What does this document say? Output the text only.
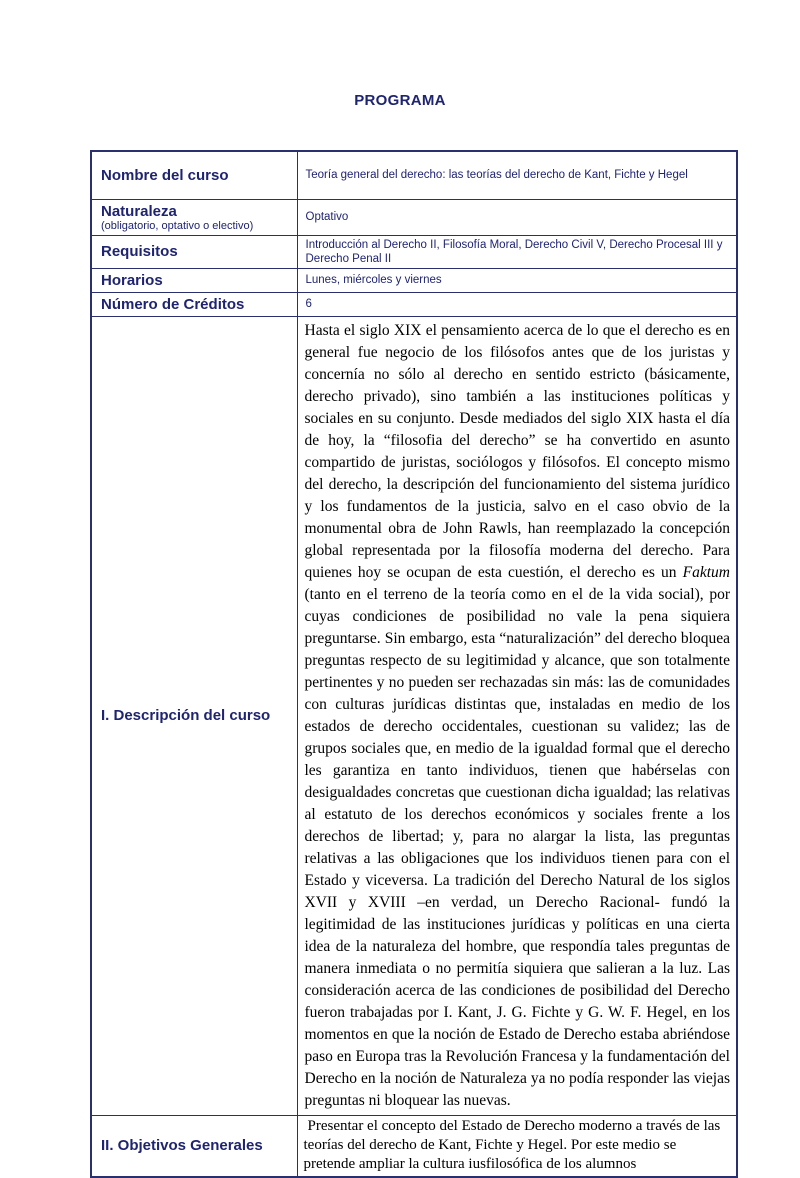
PROGRAMA
Nombre del curso	Teoría general del derecho: las teorías del derecho de Kant, Fichte y Hegel
Naturaleza
(obligatorio, optativo o electivo)	Optativo
Requisitos	Introducción al Derecho II, Filosofía Moral, Derecho Civil V, Derecho Procesal III y Derecho Penal II
Horarios	Lunes, miércoles y viernes
Número de Créditos	6
I. Descripción del curso	Hasta el siglo XIX el pensamiento acerca de lo que el derecho es en general fue negocio de los filósofos antes que de los juristas y concernía no sólo al derecho en sentido estricto (básicamente, derecho privado), sino también a las instituciones políticas y sociales en su conjunto. Desde mediados del siglo XIX hasta el día de hoy, la “filosofia del derecho” se ha convertido en asunto compartido de juristas, sociólogos y filósofos. El concepto mismo del derecho, la descripción del funcionamiento del sistema jurídico y los fundamentos de la justicia, salvo en el caso obvio de la monumental obra de John Rawls, han reemplazado la concepción global representada por la filosofía moderna del derecho. Para quienes hoy se ocupan de esta cuestión, el derecho es un Faktum (tanto en el terreno de la teoría como en el de la vida social), por cuyas condiciones de posibilidad no vale la pena siquiera preguntarse. Sin embargo, esta “naturalización” del derecho bloquea preguntas respecto de su legitimidad y alcance, que son totalmente pertinentes y no pueden ser rechazadas sin más: las de comunidades con culturas jurídicas distintas que, instaladas en medio de los estados de derecho occidentales, cuestionan su validez; las de grupos sociales que, en medio de la igualdad formal que el derecho les garantiza en tanto individuos, tienen que habérselas con desigualdades concretas que cuestionan dicha igualdad; las relativas al estatuto de los derechos económicos y sociales frente a los derechos de libertad; y, para no alargar la lista, las preguntas relativas a las obligaciones que los individuos tienen para con el Estado y viceversa. La tradición del Derecho Natural de los siglos XVII y XVIII –en verdad, un Derecho Racional- fundó la legitimidad de las instituciones jurídicas y políticas en una cierta idea de la naturaleza del hombre, que respondía tales preguntas de manera inmediata o no permitía siquiera que salieran a la luz. Las consideración acerca de las condiciones de posibilidad del Derecho fueron trabajadas por I. Kant, J. G. Fichte y G. W. F. Hegel, en los momentos en que la noción de Estado de Derecho estaba abriéndose paso en Europa tras la Revolución Francesa y la fundamentación del Derecho en la noción de Naturaleza ya no podía responder las viejas preguntas ni bloquear las nuevas.

II. Objetivos Generales	Presentar el concepto del Estado de Derecho moderno a través de las teorías del derecho de Kant, Fichte y Hegel. Por este medio se pretende ampliar la cultura iusfilosófica de los alumnos
